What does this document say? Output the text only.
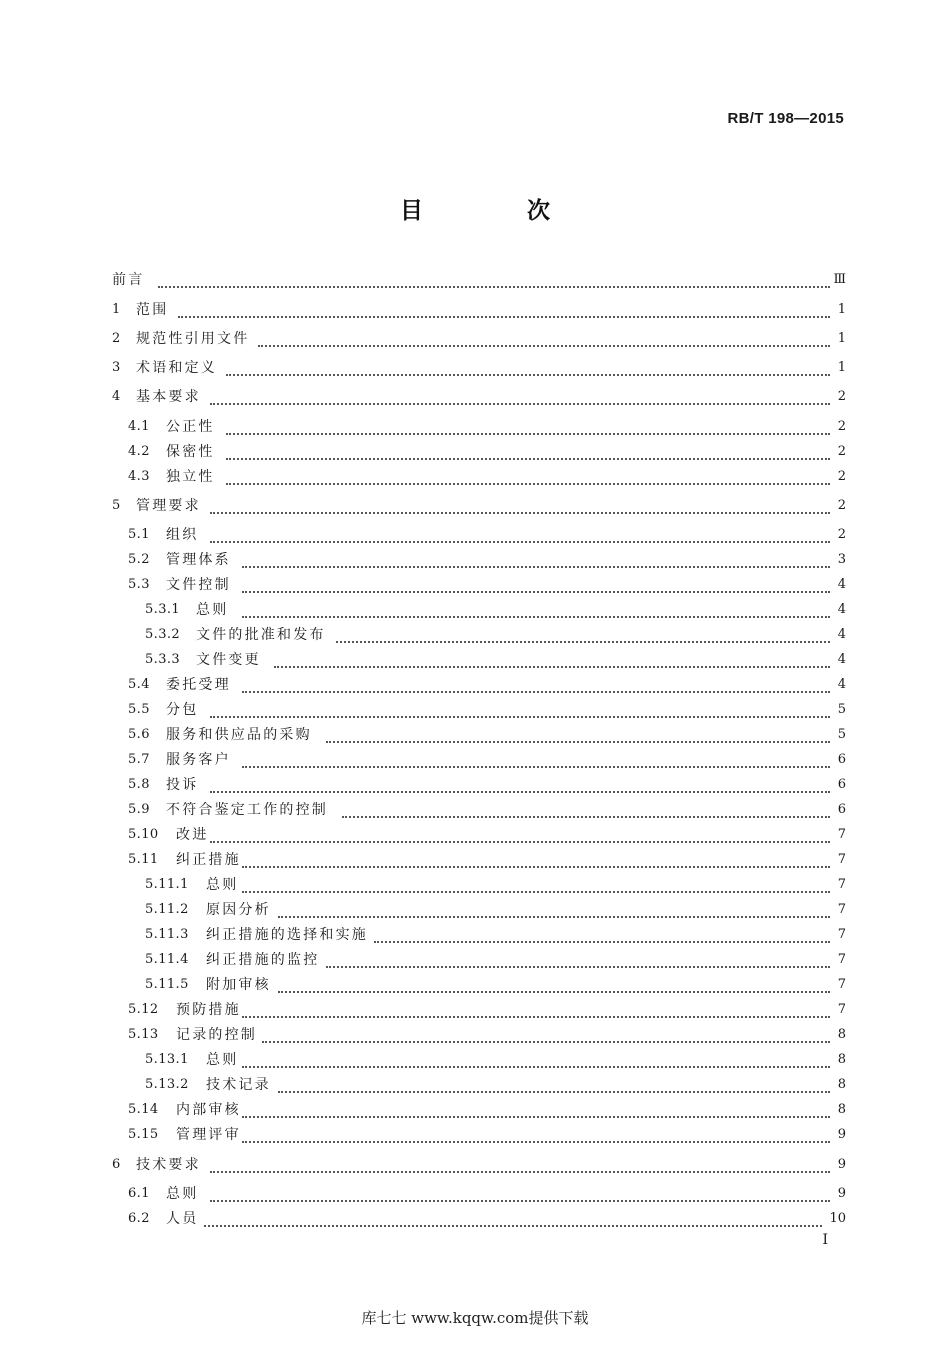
RB/T 198—2015
目 次
前言	Ⅲ
1 范围	1
2 规范性引用文件	1
3 术语和定义	1
4 基本要求	2
4.1 公正性	2
4.2 保密性	2
4.3 独立性	2
5 管理要求	2
5.1 组织	2
5.2 管理体系	3
5.3 文件控制	4
5.3.1 总则	4
5.3.2 文件的批准和发布	4
5.3.3 文件变更	4
5.4 委托受理	4
5.5 分包	5
5.6 服务和供应品的采购	5
5.7 服务客户	6
5.8 投诉	6
5.9 不符合鉴定工作的控制	6
5.10 改进	7
5.11 纠正措施	7
5.11.1 总则	7
5.11.2 原因分析	7
5.11.3 纠正措施的选择和实施	7
5.11.4 纠正措施的监控	7
5.11.5 附加审核	7
5.12 预防措施	7
5.13 记录的控制	8
5.13.1 总则	8
5.13.2 技术记录	8
5.14 内部审核	8
5.15 管理评审	9
6 技术要求	9
6.1 总则	9
6.2 人员	10
I
库七七 www.kqqw.com提供下载
